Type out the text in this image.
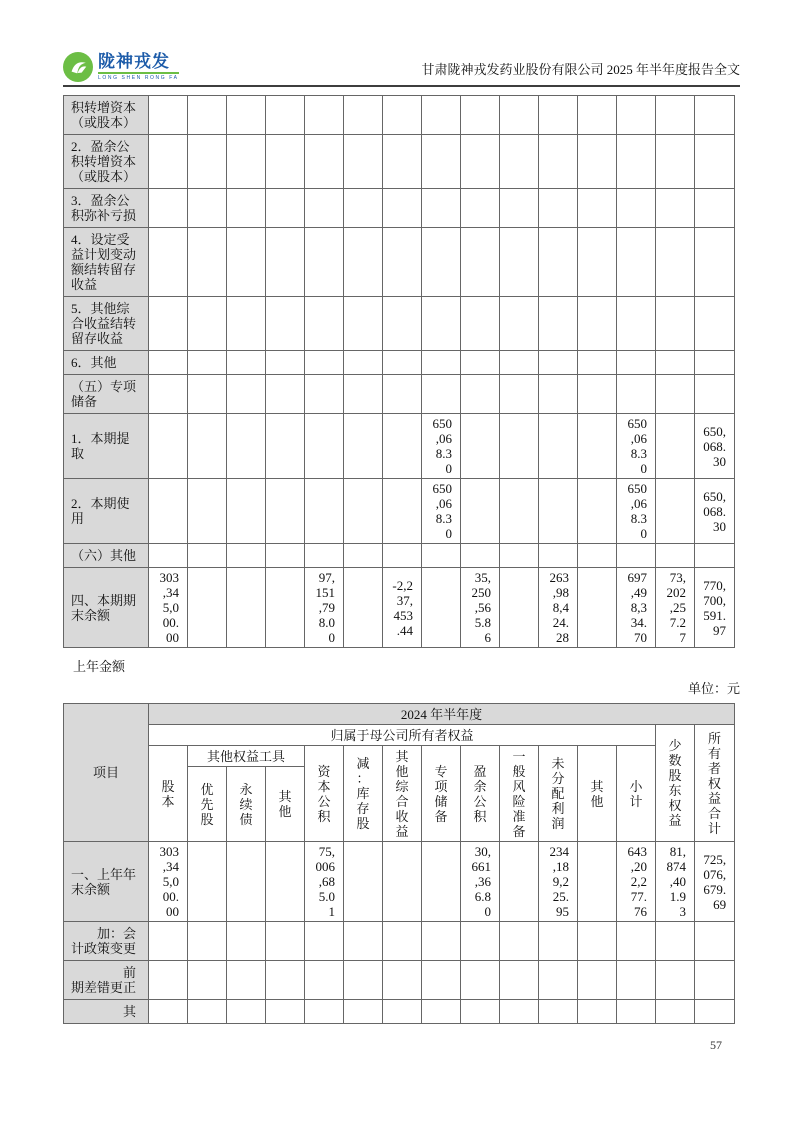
陇神戎发
LONG SHEN RONG FA
甘肃陇神戎发药业股份有限公司 2025 年半年度报告全文
积转增资本（或股本）															
2．盈余公积转增资本（或股本）															
3．盈余公积弥补亏损															
4．设定受益计划变动额结转留存收益															
5．其他综合收益结转留存收益															
6．其他															
（五）专项储备															
1．本期提取								650,068.30					650,068.30		650,068.30
2．本期使用								650,068.30					650,068.30		650,068.30
（六）其他															
四、本期期末余额	303,345,000.00				97,151,798.00		-2,237,453.44		35,250,565.86		263,988,424.28		697,498,334.70	73,202,257.27	770,700,591.97
上年金额
单位：元
项目	2024 年半年度														
	归属于母公司所有者权益													少数股东权益	所有者权益合计
	股本	其他权益工具			资本公积	减：库存股	其他综合收益	专项储备	盈余公积	一般风险准备	未分配利润	其他	小计		
		优先股	永续债	其他											
一、上年年末余额	303,345,000.00				75,006,685.01				30,661,366.80		234,189,225.95		643,202,277.76	81,874,401.93	725,076,679.69
加：会计政策变更															
前期差错更正															
其															
57
